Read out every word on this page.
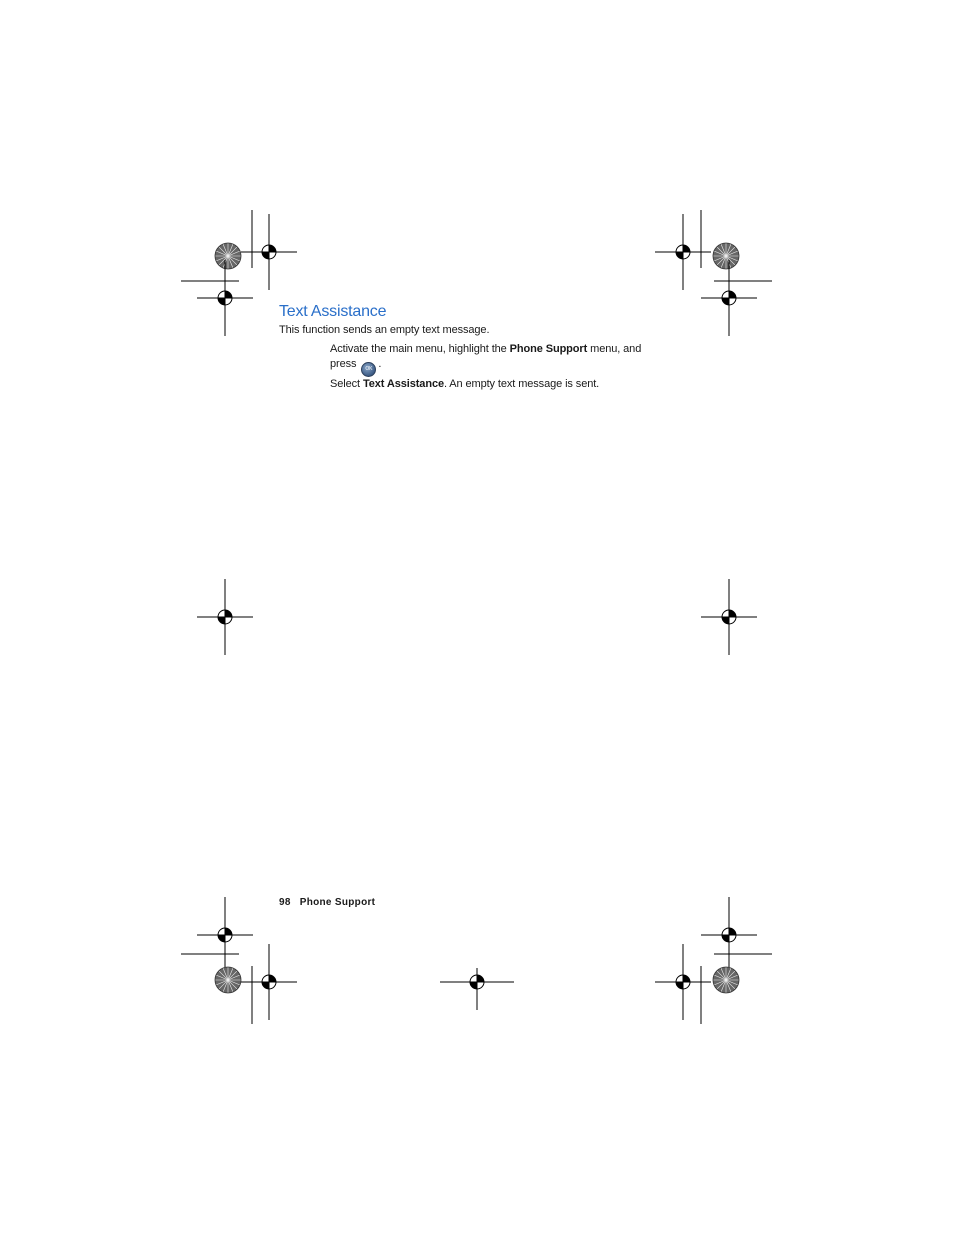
Text Assistance
This function sends an empty text message.
Activate the main menu, highlight the Phone Support menu, and
press OK .
Select Text Assistance. An empty text message is sent.
98 Phone Support
